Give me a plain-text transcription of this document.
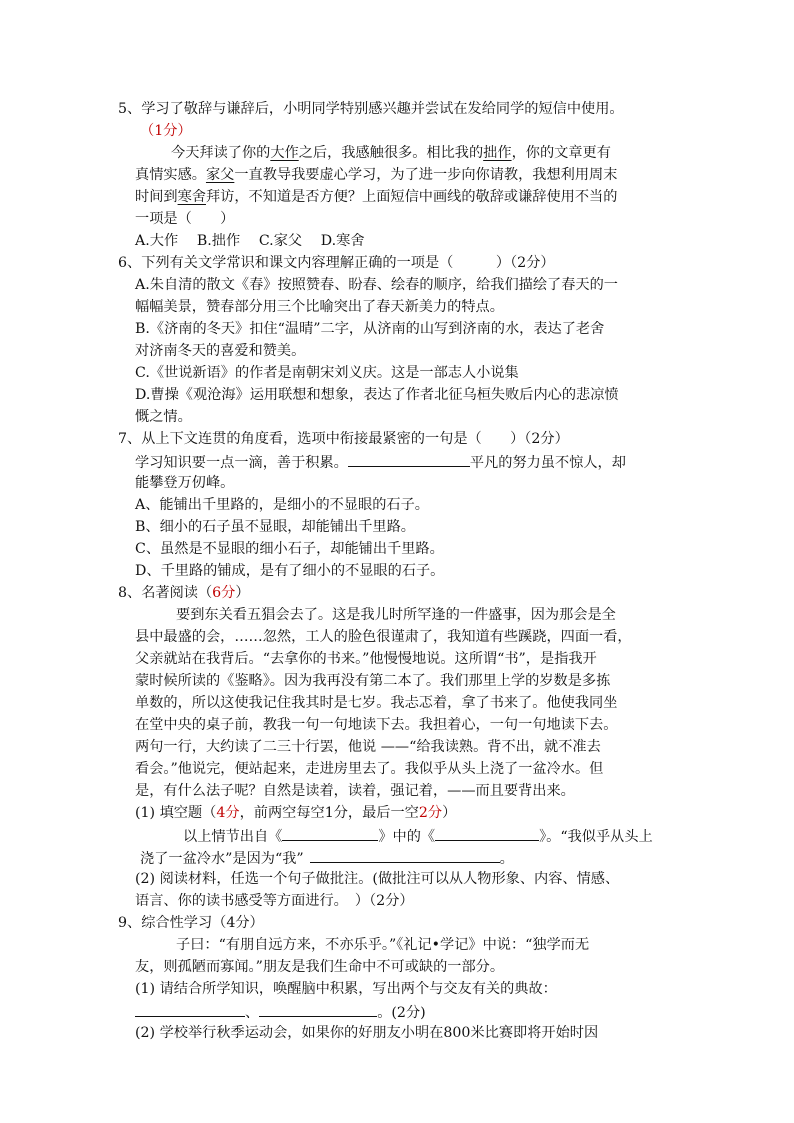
5、学习了敬辞与谦辞后，小明同学特别感兴趣并尝试在发给同学的短信中使用。
（1分）
今天拜读了你的大作之后，我感触很多。相比我的拙作，你的文章更有
真情实感。家父一直教导我要虚心学习，为了进一步向你请教，我想利用周末
时间到寒舍拜访，不知道是否方便？上面短信中画线的敬辞或谦辞使用不当的
一项是（　　）
A.大作　 B.拙作　 C.家父　 D.寒舍
6、下列有关文学常识和课文内容理解正确的一项是（　　　）（2分）
A.朱自清的散文《春》按照赞春、盼春、绘春的顺序，给我们描绘了春天的一
幅幅美景，赞春部分用三个比喻突出了春天新美力的特点。
B.《济南的冬天》扣住“温晴”二字，从济南的山写到济南的水，表达了老舍
对济南冬天的喜爱和赞美。
C.《世说新语》的作者是南朝宋刘义庆。这是一部志人小说集
D.曹操《观沧海》运用联想和想象，表达了作者北征乌桓失败后内心的悲凉愤
慨之情。
7、从上下文连贯的角度看，选项中衔接最紧密的一句是（　　）（2分）
学习知识要一点一滴，善于积累。	平凡的努力虽不惊人，却
能攀登万仞峰。
A、能铺出千里路的，是细小的不显眼的石子。
B、细小的石子虽不显眼，却能铺出千里路。
C、虽然是不显眼的细小石子，却能铺出千里路。
D、千里路的铺成，是有了细小的不显眼的石子。
8、名著阅读（6分）
要到东关看五猖会去了。这是我儿时所罕逢的一件盛事，因为那会是全
县中最盛的会，……忽然，工人的脸色很谨肃了，我知道有些蹊跷，四面一看，
父亲就站在我背后。“去拿你的书来。”他慢慢地说。这所谓“书”，是指我开
蒙时候所读的《鉴略》。因为我再没有第二本了。我们那里上学的岁数是多拣
单数的，所以这使我记住我其时是七岁。我忐忑着，拿了书来了。他使我同坐
在堂中央的桌子前，教我一句一句地读下去。我担着心，一句一句地读下去。
两句一行，大约读了二三十行罢，他说 ——“给我读熟。背不出，就不准去
看会。”他说完，便站起来，走进房里去了。我似乎从头上浇了一盆冷水。但
是，有什么法子呢？自然是读着，读着，强记着，——而且要背出来。
(1) 填空题（4分，前两空每空1分，最后一空2分）
以上情节出自《	》中的《	》。“我似乎从头上
浇了一盆冷水”是因为“我”	。
(2) 阅读材料，任选一个句子做批注。(做批注可以从人物形象、内容、情感、
语言、你的读书感受等方面进行。　）（2分）
9、综合性学习（4分）
子曰：“有朋自远方来，不亦乐乎。”《礼记•学记》中说：“独学而无
友，则孤陋而寡闻。”朋友是我们生命中不可或缺的一部分。
(1) 请结合所学知识，唤醒脑中积累，写出两个与交友有关的典故：
、	。(2分)
(2) 学校举行秋季运动会，如果你的好朋友小明在800米比赛即将开始时因
